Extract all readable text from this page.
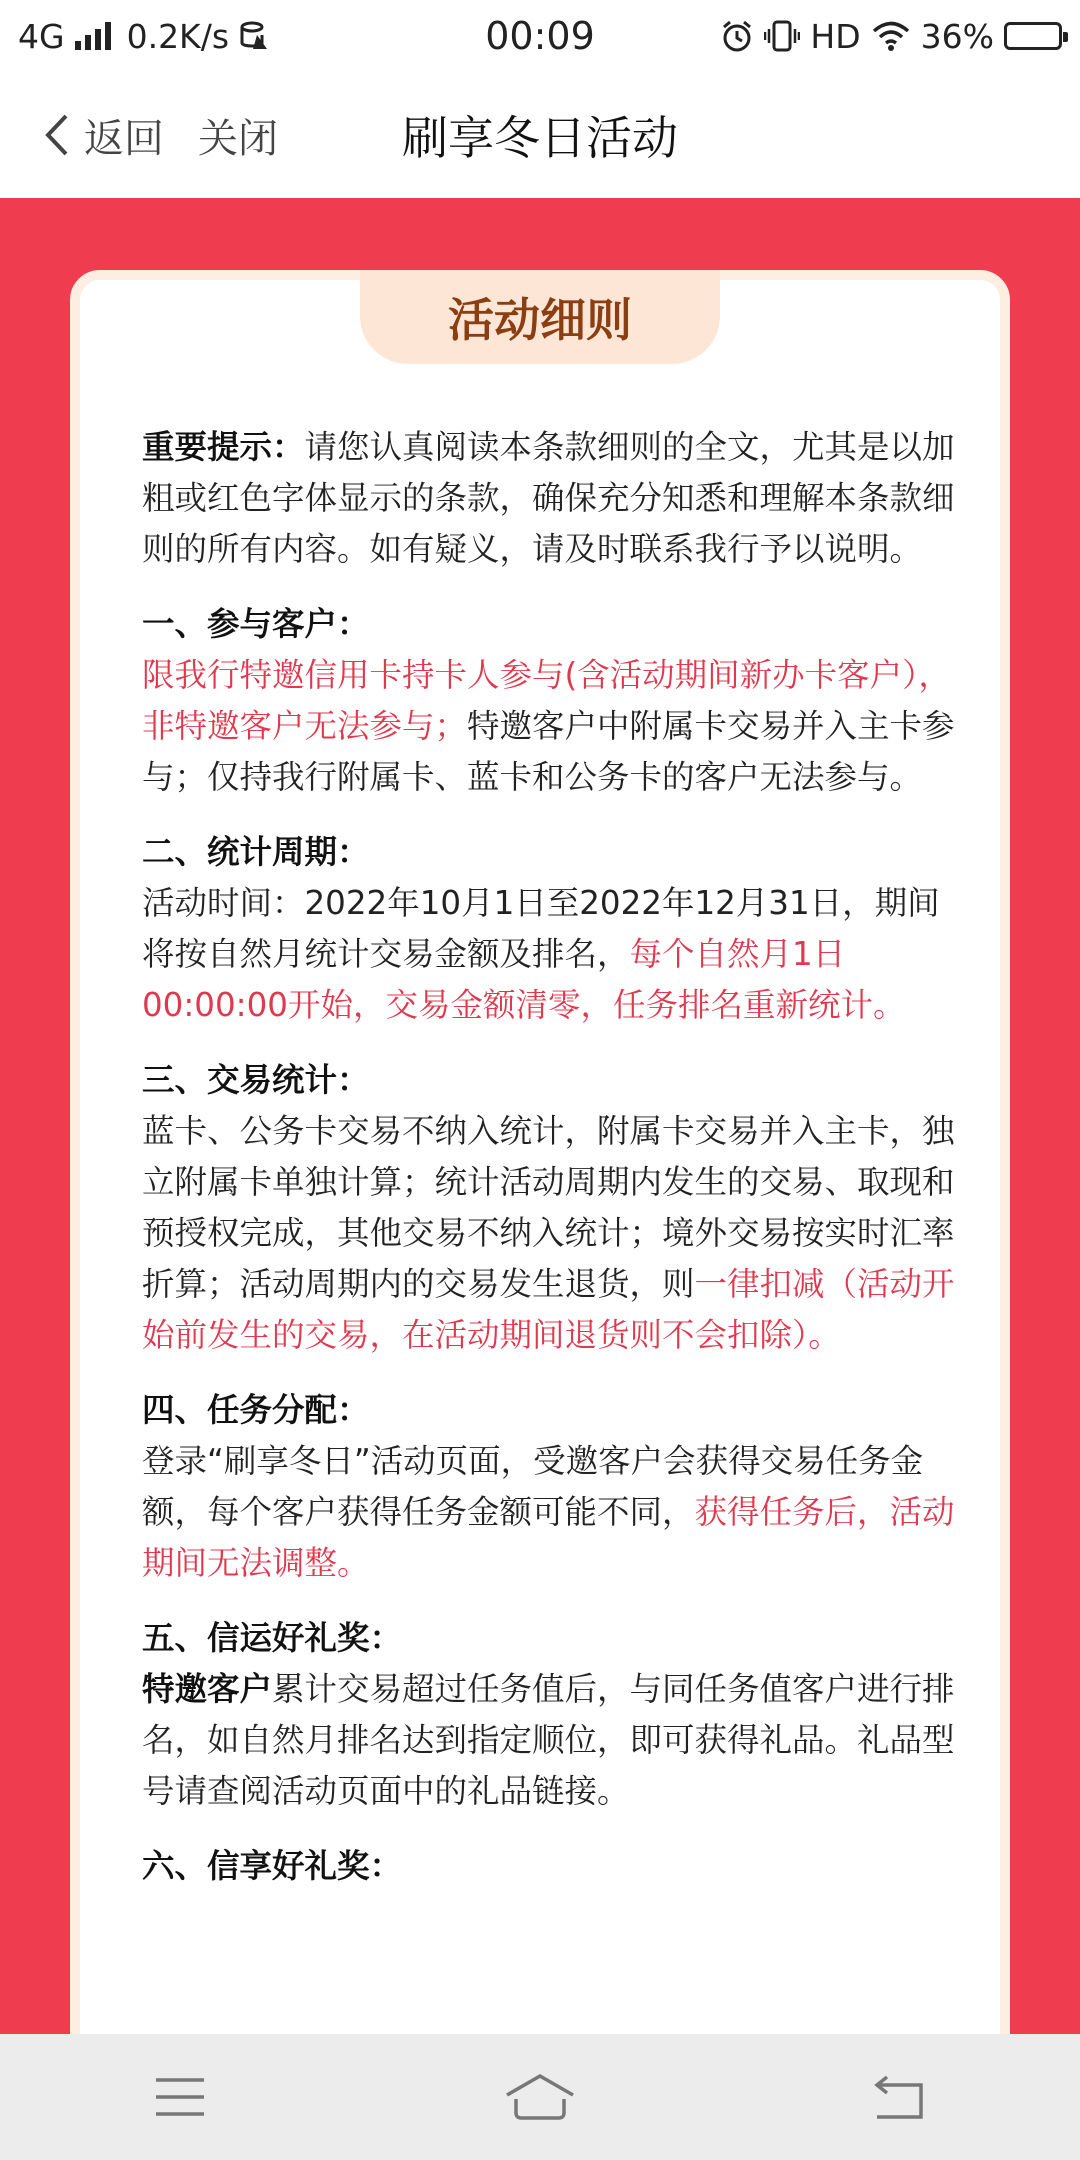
4G 0.2K/s	00:09	HD 36%
返回 关闭	刷享冬日活动
活动细则
重要提示：请您认真阅读本条款细则的全文，尤其是以加粗或红色字体显示的条款，确保充分知悉和理解本条款细则的所有内容。如有疑义，请及时联系我行予以说明。

一、参与客户：

限我行特邀信用卡持卡人参与(含活动期间新办卡客户），非特邀客户无法参与；特邀客户中附属卡交易并入主卡参与；仅持我行附属卡、蓝卡和公务卡的客户无法参与。

二、统计周期：

活动时间：2022年10月1日至2022年12月31日，期间将按自然月统计交易金额及排名，每个自然月1日00:00:00开始，交易金额清零，任务排名重新统计。

三、交易统计：

蓝卡、公务卡交易不纳入统计，附属卡交易并入主卡，独立附属卡单独计算；统计活动周期内发生的交易、取现和预授权完成，其他交易不纳入统计；境外交易按实时汇率折算；活动周期内的交易发生退货，则一律扣减（活动开始前发生的交易，在活动期间退货则不会扣除）。

四、任务分配：

登录“刷享冬日”活动页面，受邀客户会获得交易任务金额，每个客户获得任务金额可能不同，获得任务后，活动期间无法调整。

五、信运好礼奖：

特邀客户累计交易超过任务值后，与同任务值客户进行排名，如自然月排名达到指定顺位，即可获得礼品。礼品型号请查阅活动页面中的礼品链接。

六、信享好礼奖：
